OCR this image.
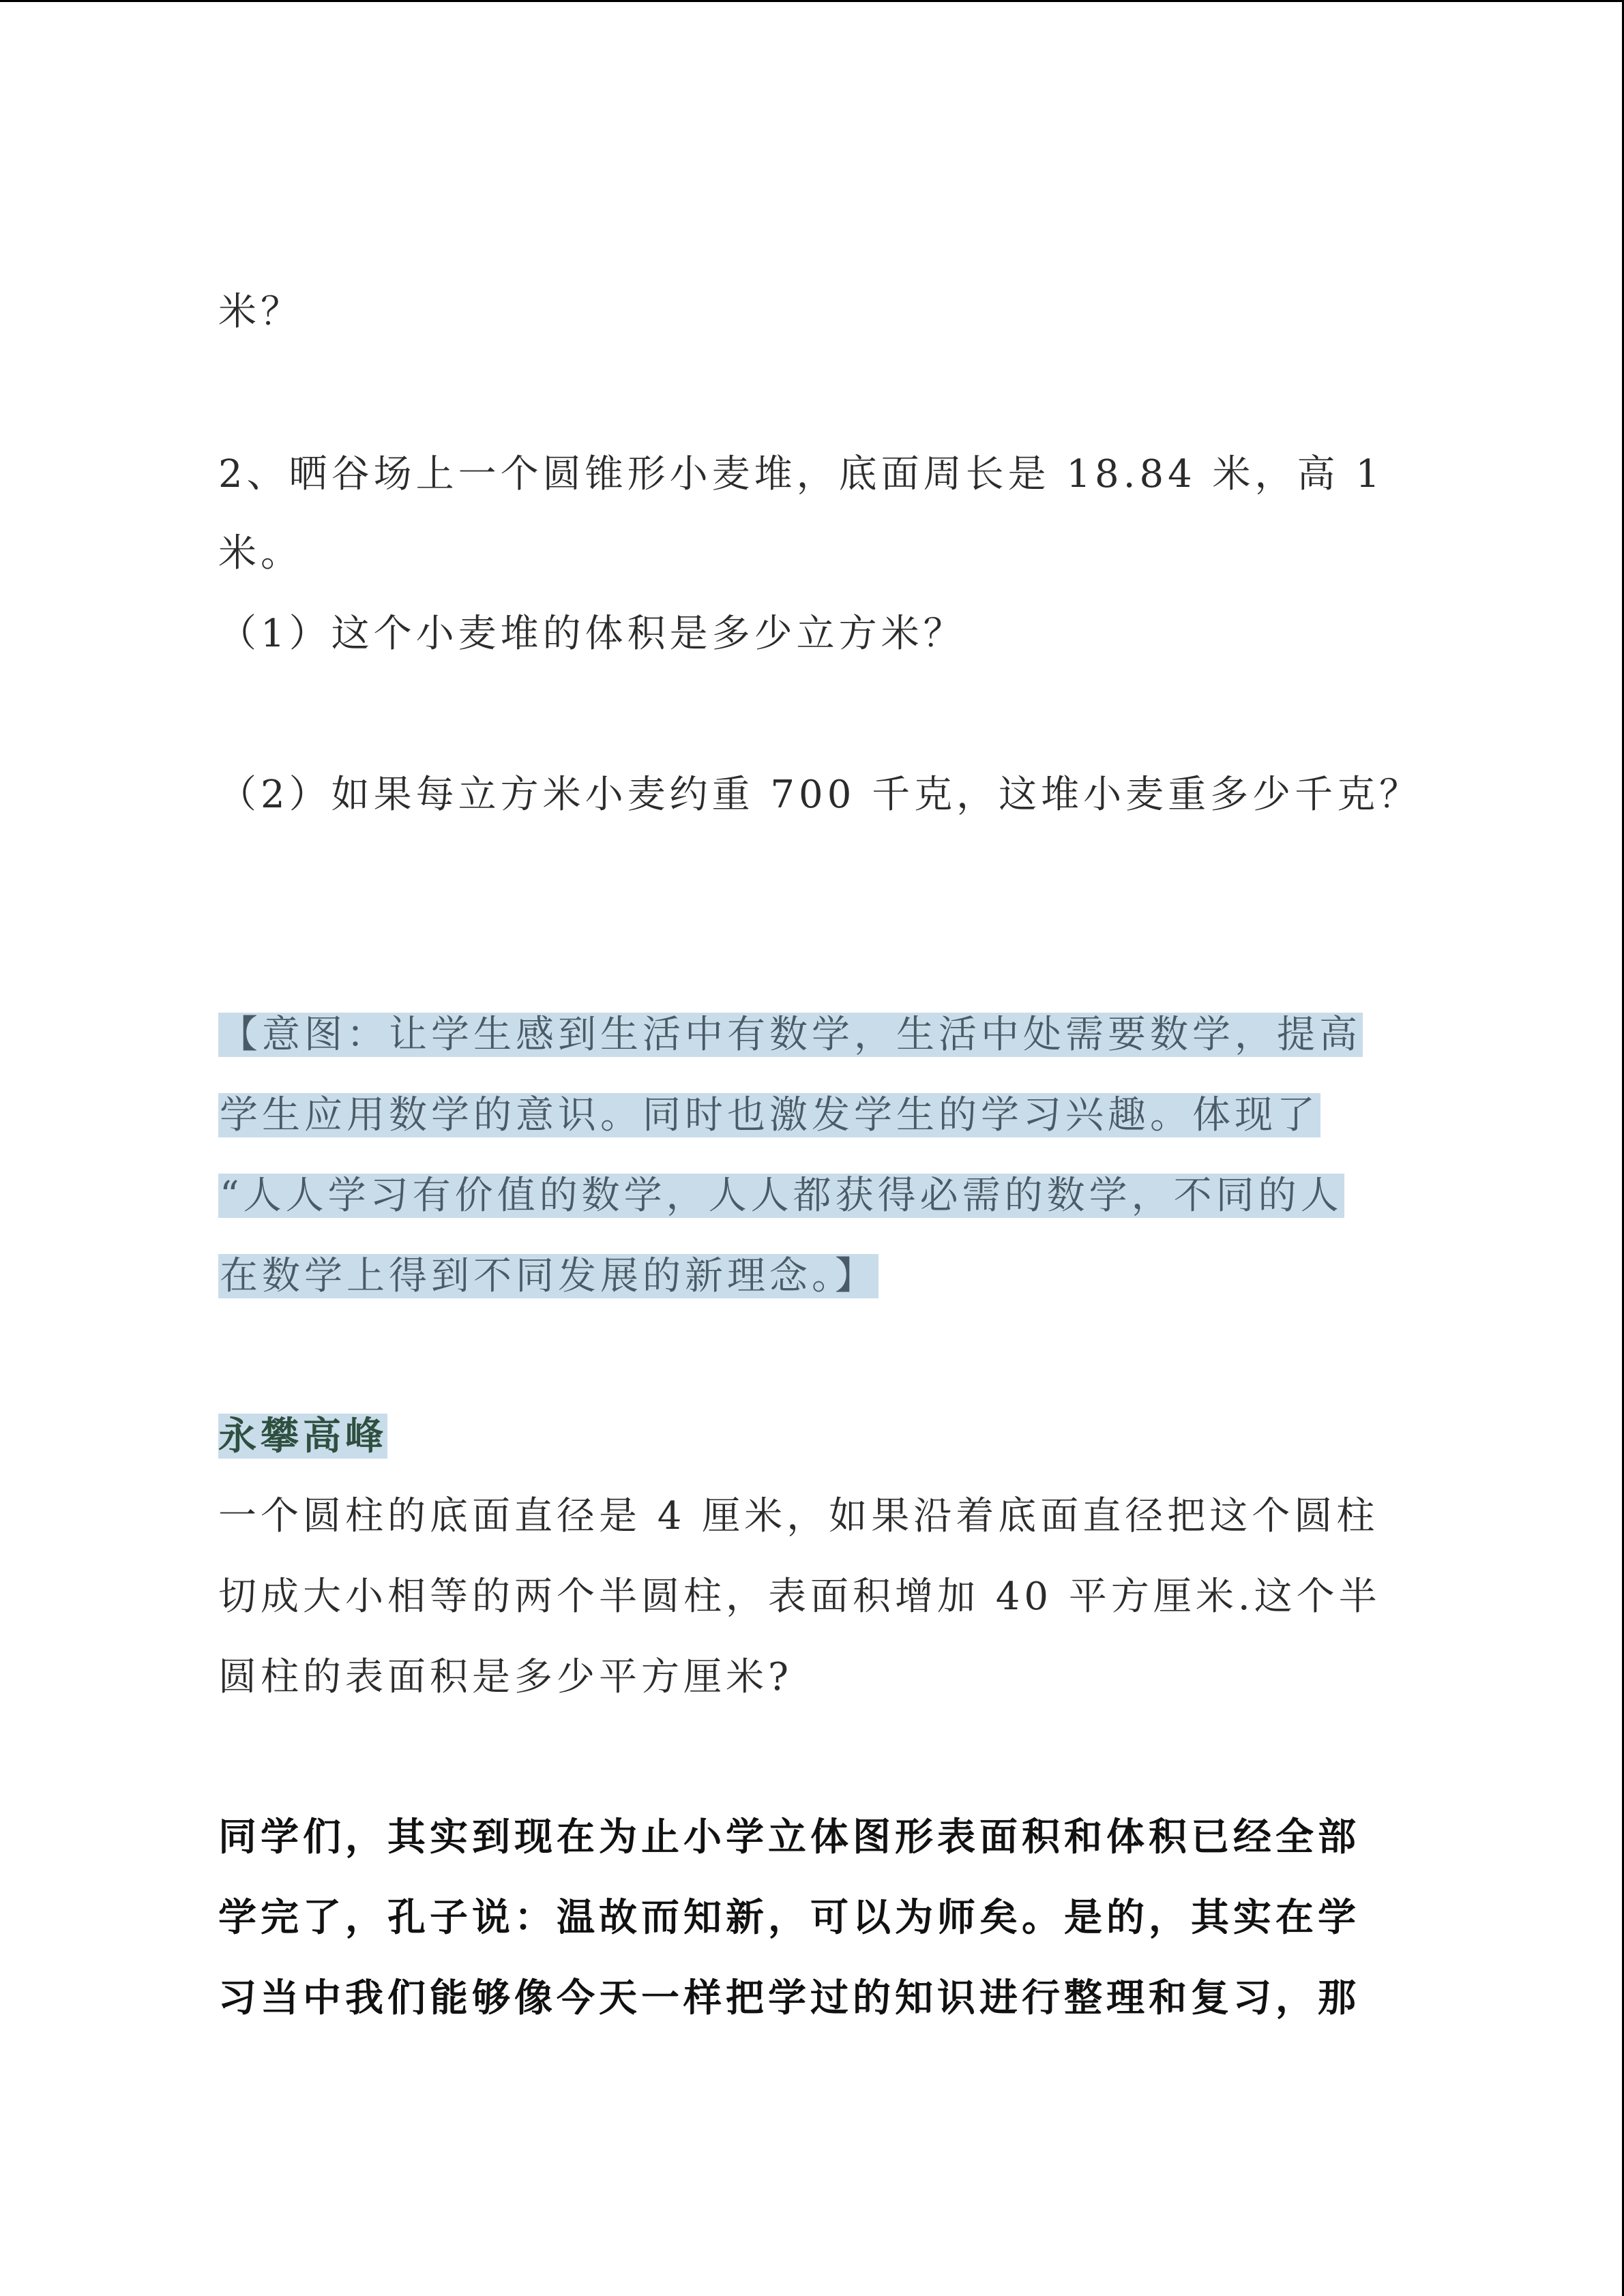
米？
2、晒谷场上一个圆锥形小麦堆，底面周长是 18.84 米，高 1
米。
（1）这个小麦堆的体积是多少立方米？
（2）如果每立方米小麦约重 700 千克，这堆小麦重多少千克？
【意图：让学生感到生活中有数学，生活中处需要数学，提高
学生应用数学的意识。同时也激发学生的学习兴趣。体现了
“人人学习有价值的数学，人人都获得必需的数学，不同的人
在数学上得到不同发展的新理念。】
永攀高峰
一个圆柱的底面直径是 4 厘米，如果沿着底面直径把这个圆柱
切成大小相等的两个半圆柱，表面积增加 40 平方厘米.这个半
圆柱的表面积是多少平方厘米?
同学们，其实到现在为止小学立体图形表面积和体积已经全部
学完了，孔子说：温故而知新，可以为师矣。是的，其实在学
习当中我们能够像今天一样把学过的知识进行整理和复习，那
